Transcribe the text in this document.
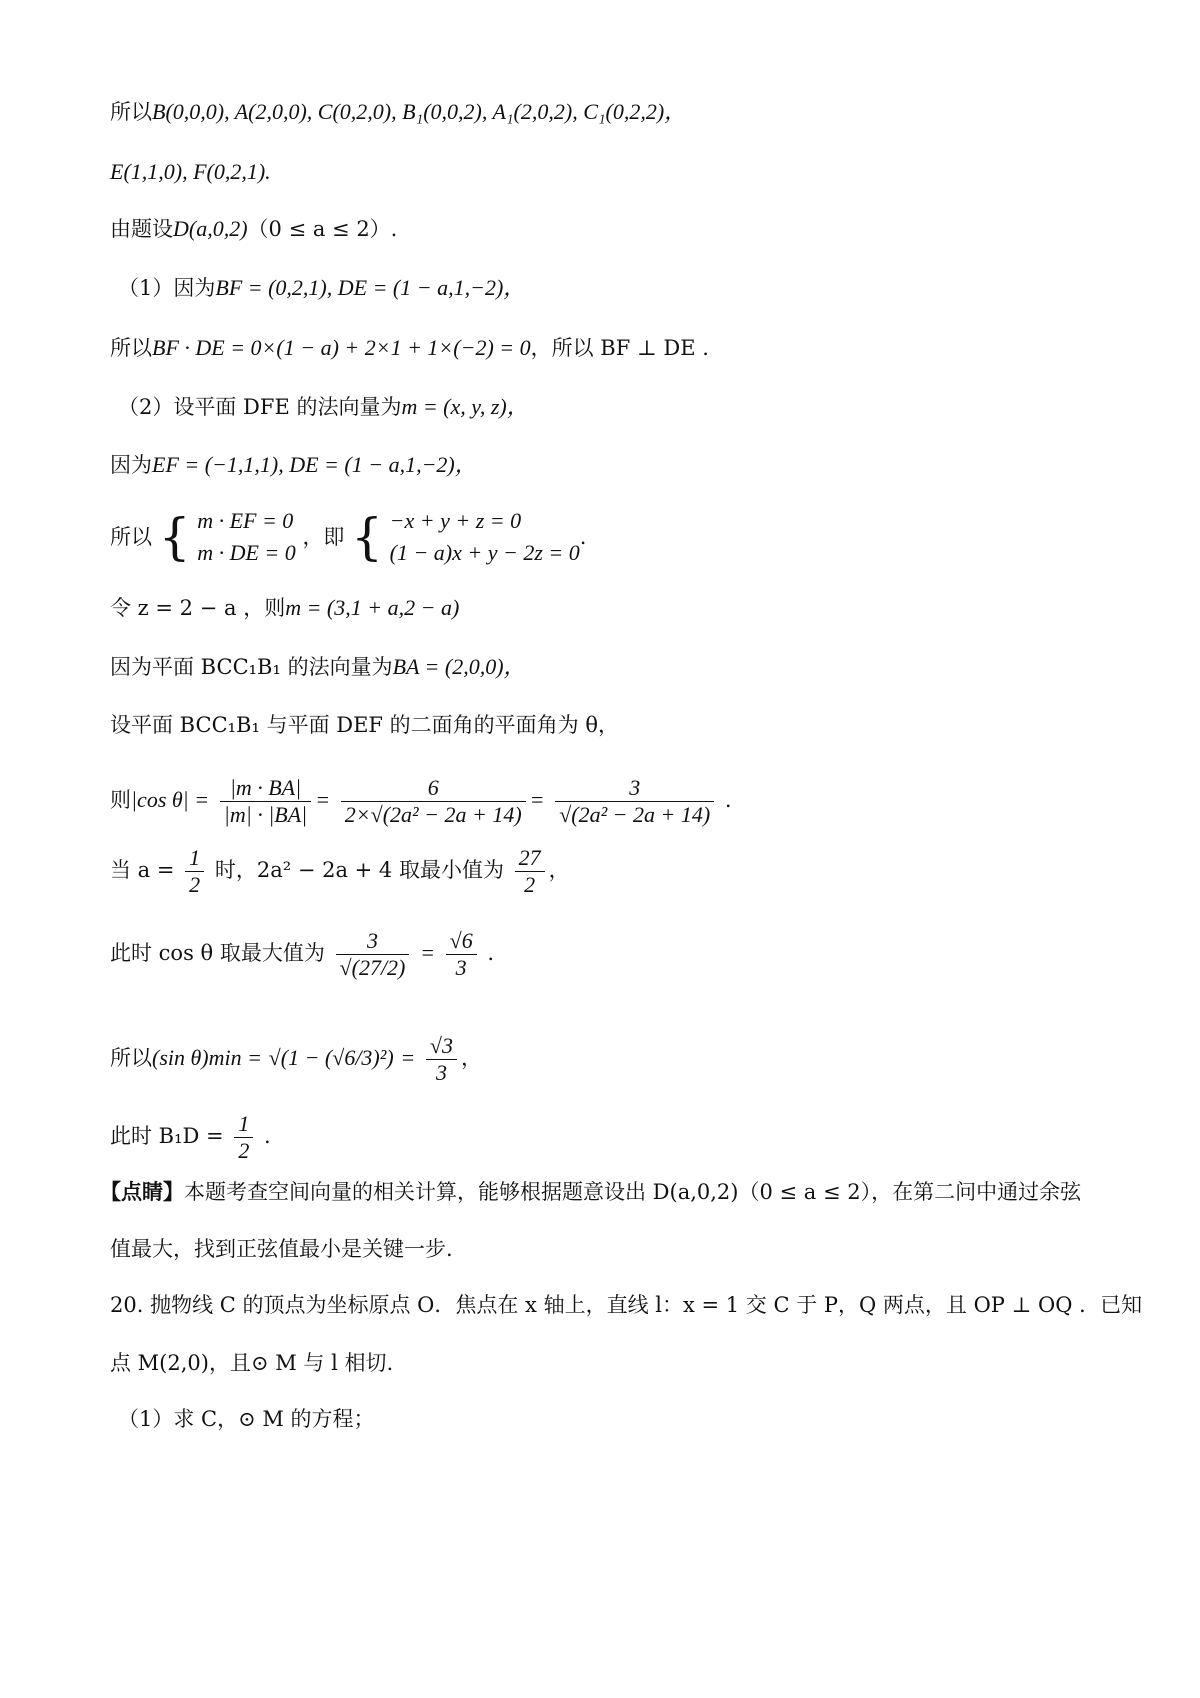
所以B(0,0,0), A(2,0,0), C(0,2,0), B₁(0,0,2), A₁(2,0,2), C₁(0,2,2)，
E(1,1,0), F(0,2,1).
由题设D(a,0,2)（0 ≤ a ≤ 2）.
（1）因为BF = (0,2,1), DE = (1 − a,1,−2)，
所以BF · DE = 0×(1 − a) + 2×1 + 1×(−2) = 0，所以 BF ⊥ DE .
（2）设平面 DFE 的法向量为m = (x, y, z)，
因为EF = (−1,1,1), DE = (1 − a,1,−2)，
所以 { m · EF = 0
m · DE = 0
，即 { −x + y + z = 0
(1 − a)x + y − 2z = 0
.
令 z = 2 − a ，则m = (3,1 + a,2 − a)
因为平面 BCC₁B₁ 的法向量为BA = (2,0,0)，
设平面 BCC₁B₁ 与平面 DEF 的二面角的平面角为 θ，
则|cos $\theta| = \frac{|m \cdot BA|}{|m| \cdot |BA|} = \frac{6}{\text{2×√(2a² − 2a + 14)}} = \frac{3}{\text{√(2a² − 2a + 14)}}$ .
当 $a = \frac{1}{2}$ 时，2a² − 2a + 4 取最小值为 $\frac{27}{2}$ ，
此时 cos θ 取最大值为 $\frac{3}{√(27/2)} = \frac{√6}{3}$ .
所以(sin $\theta)\min = √(1 - (√6/3)^2) = \frac{√3}{3}$ ，
此时 $B_1D = \frac{1}{2}$ .
【点睛】本题考查空间向量的相关计算，能够根据题意设出 D(a,0,2)（0 ≤ a ≤ 2），在第二问中通过余弦
值最大，找到正弦值最小是关键一步.
20. 抛物线 C 的顶点为坐标原点 O．焦点在 x 轴上，直线 l：x = 1 交 C 于 P，Q 两点，且 OP ⊥ OQ ．已知
点 M(2,0)，且⊙ M 与 l 相切.
（1）求 C，⊙ M 的方程；
